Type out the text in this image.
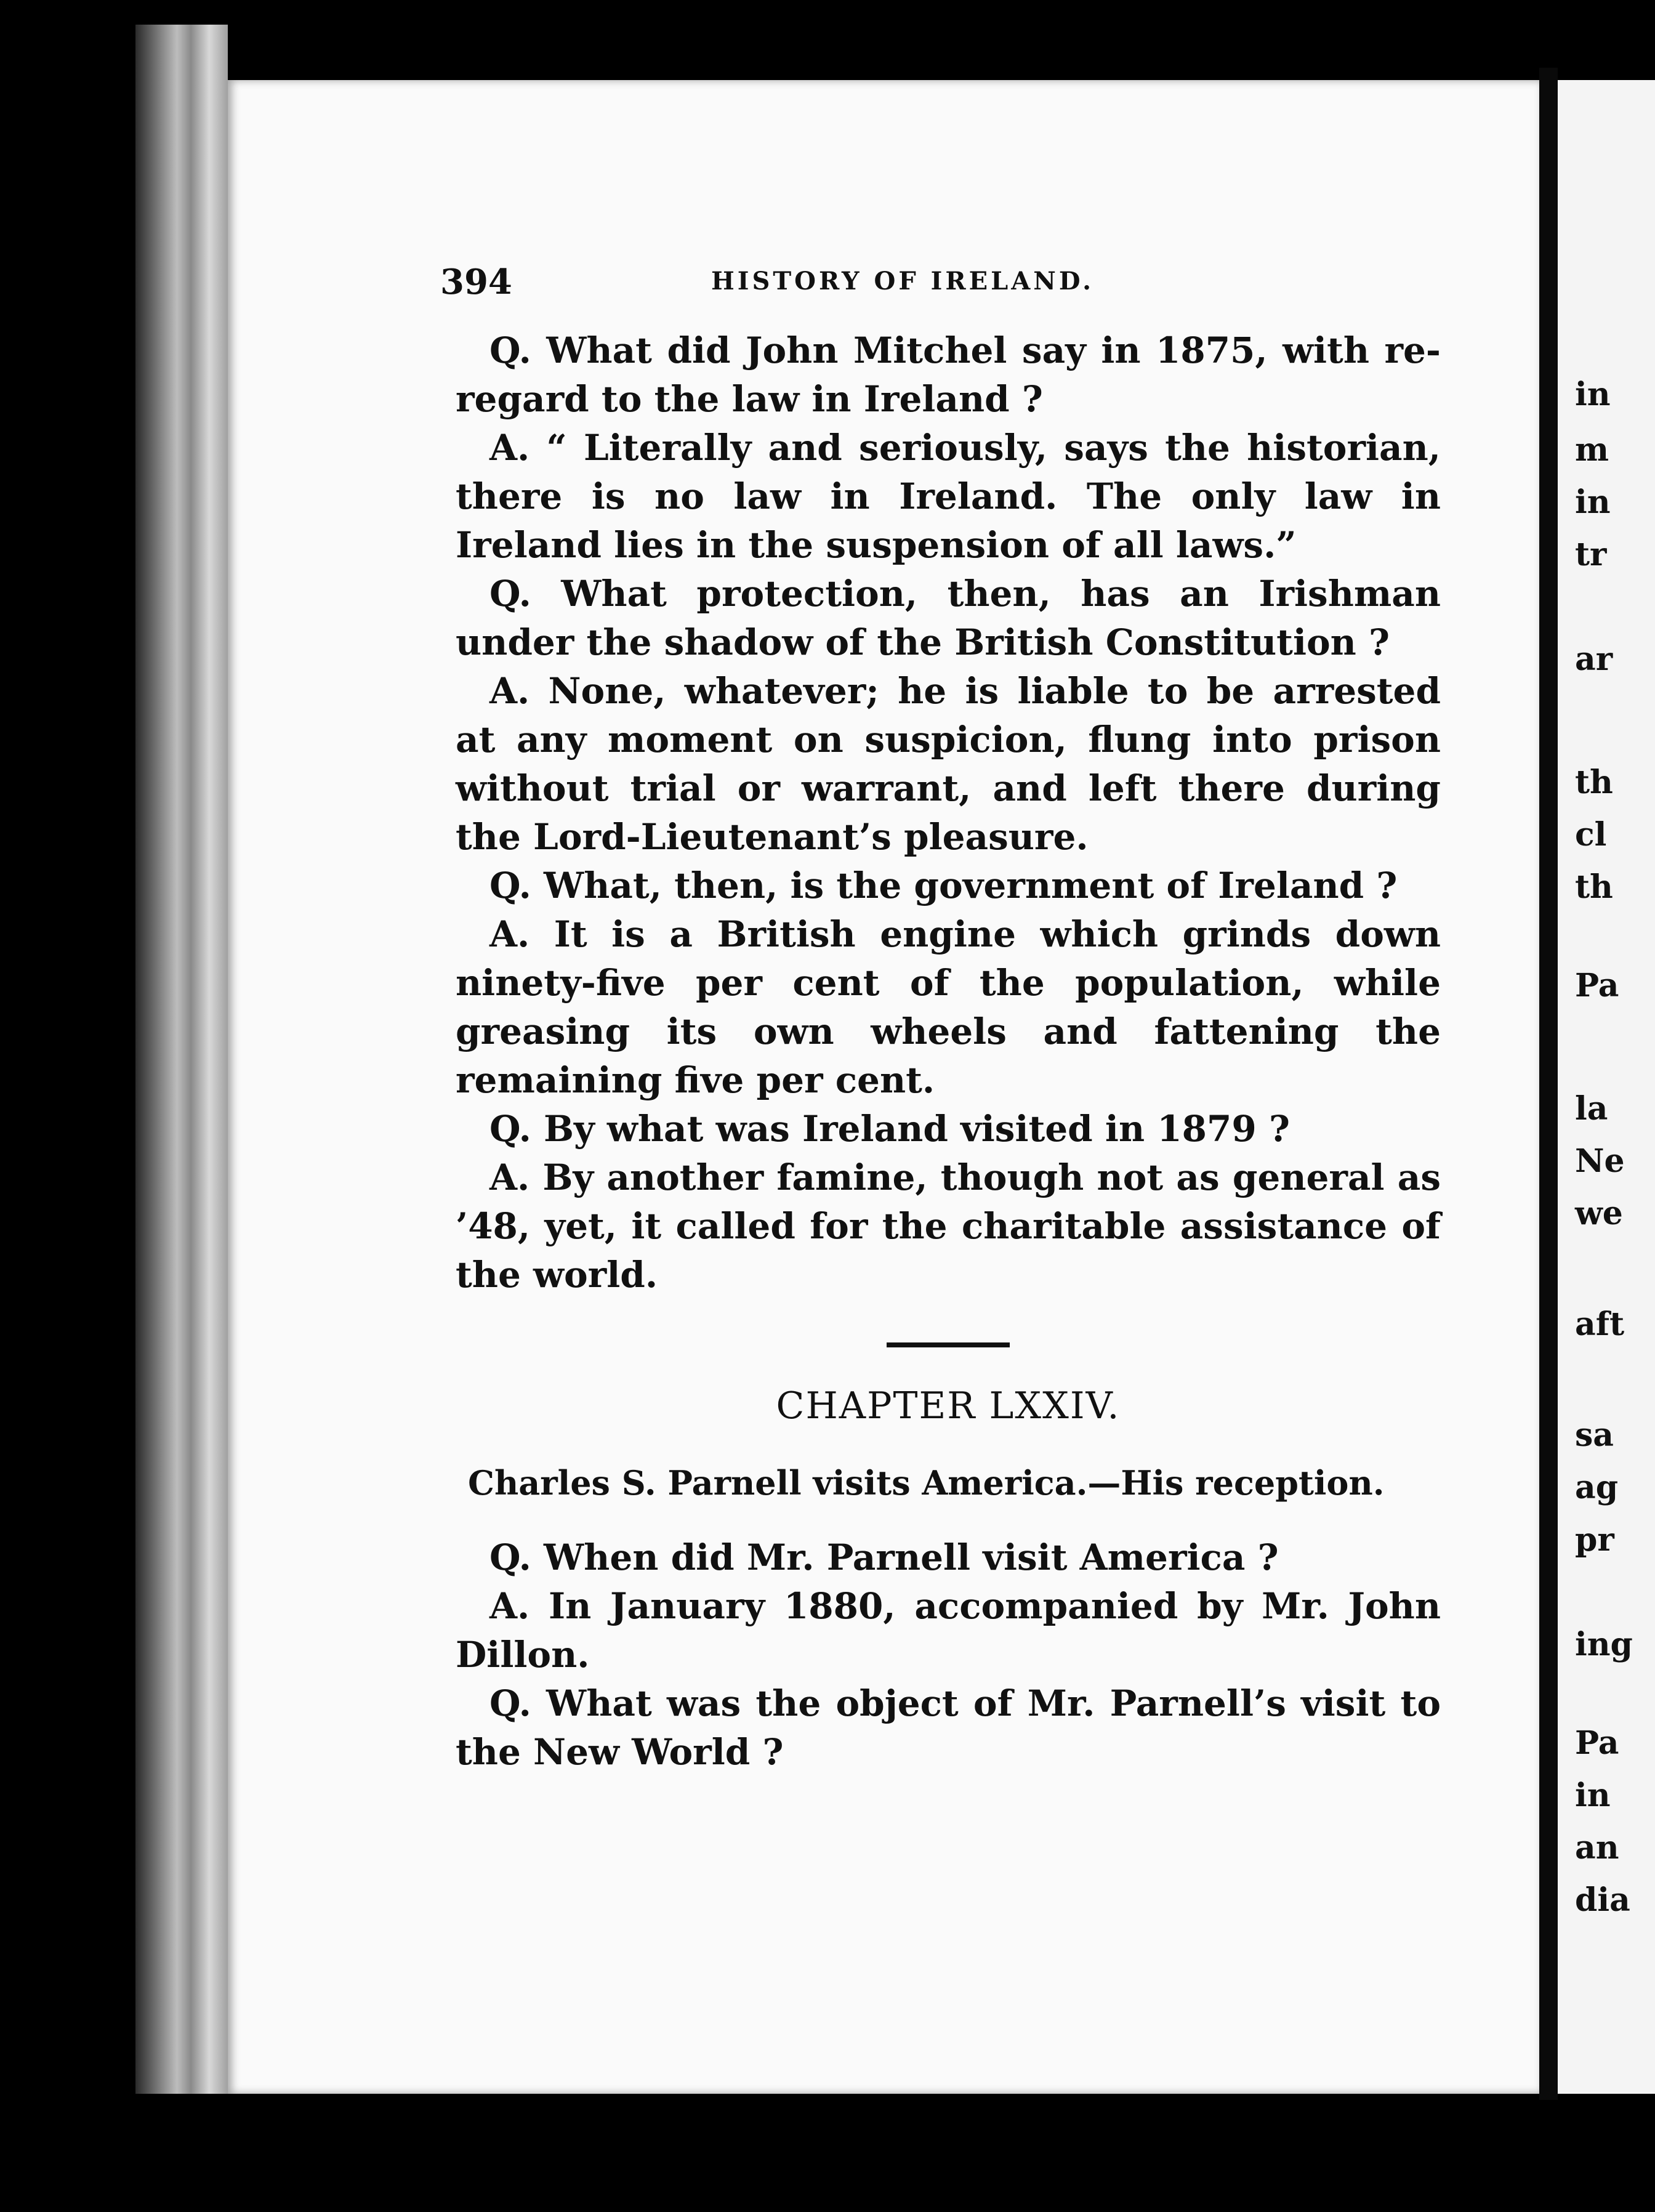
in
m
in
tr
ar
th
cl
th
Pa
la
Ne
we
aft
sa
ag
pr
ing
Pa
in
an
dia
394	HISTORY OF IRELAND.

Q. What did John Mitchel say in 1875, with re-regard to the law in Ireland ?

A. “ Literally and seriously, says the historian, there is no law in Ireland. The only law in Ireland lies in the suspension of all laws.”

Q. What protection, then, has an Irishman under the shadow of the British Constitution ?

A. None, whatever; he is liable to be arrested at any moment on suspicion, flung into prison without trial or warrant, and left there during the Lord-Lieutenant’s pleasure.

Q. What, then, is the government of Ireland ?

A. It is a British engine which grinds down ninety-five per cent of the population, while greasing its own wheels and fattening the remaining five per cent.

Q. By what was Ireland visited in 1879 ?

A. By another famine, though not as general as ’48, yet, it called for the charitable assistance of the world.

CHAPTER LXXIV.

Charles S. Parnell visits America.—His reception.

Q. When did Mr. Parnell visit America ?

A. In January 1880, accompanied by Mr. John Dillon.

Q. What was the object of Mr. Parnell’s visit to the New World ?
